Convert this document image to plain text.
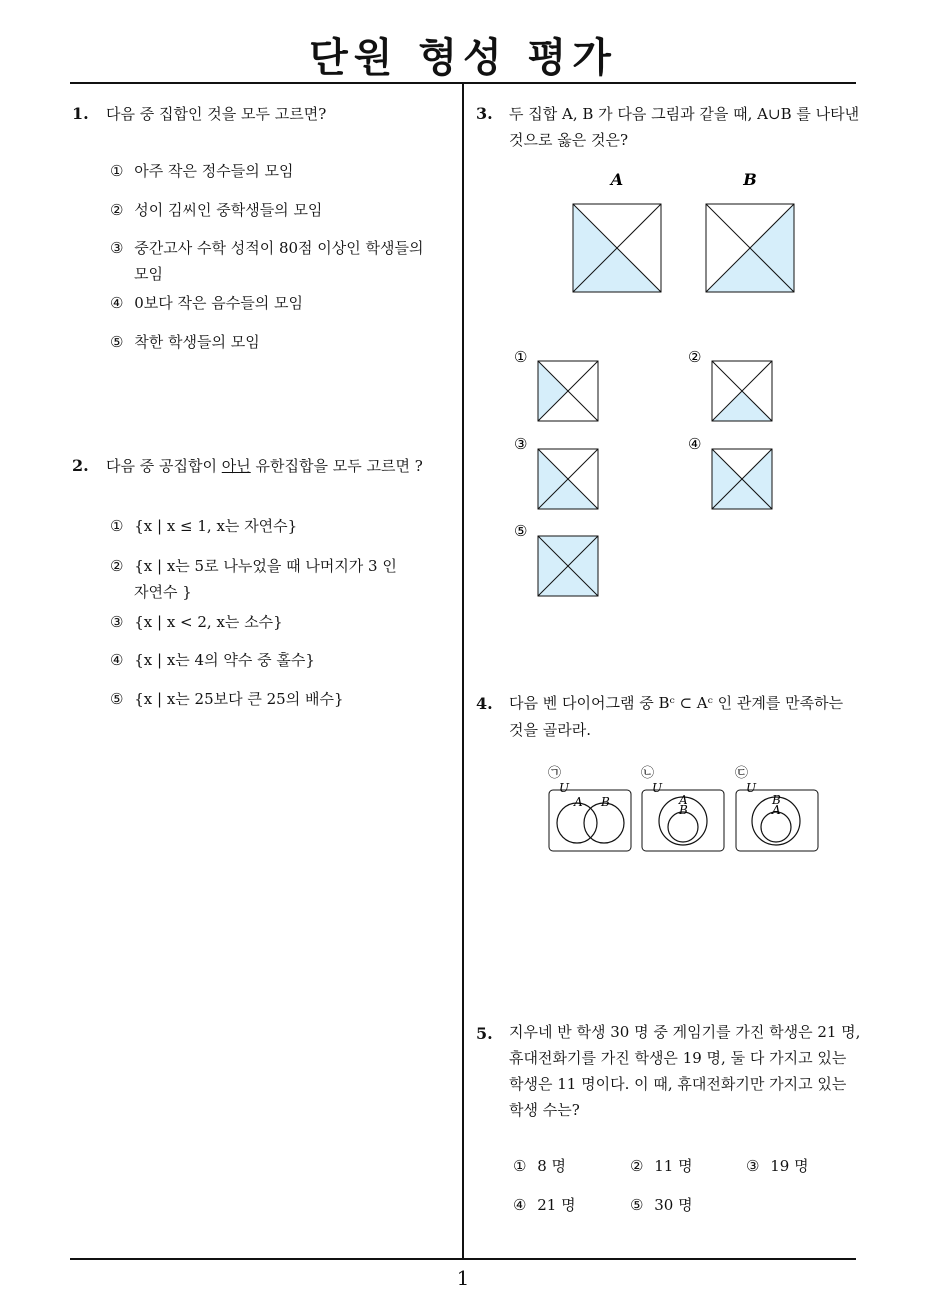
단원 형성 평가
1
1. 다음 중 집합인 것을 모두 고르면?
① 아주 작은 정수들의 모임
② 성이 김씨인 중학생들의 모임
③ 중간고사 수학 성적이 80점 이상인 학생들의
모임
④ 0보다 작은 음수들의 모임
⑤ 착한 학생들의 모임
2. 다음 중 공집합이 아닌 유한집합을 모두 고르면 ?
① {x | x ≤ 1, x는 자연수}
② {x | x는 5로 나누었을 때 나머지가 3 인
자연수 }
③ {x | x < 2, x는 소수}
④ {x | x는 4의 약수 중 홀수}
⑤ {x | x는 25보다 큰 25의 배수}
3. 두 집합 A, B 가 다음 그림과 같을 때, A∪B 를 나타낸
것으로 옳은 것은?
A	B
①	②
③	④
⑤
4. 다음 벤 다이어그램 중 Bᶜ ⊂ Aᶜ 인 관계를 만족하는
것을 골라라.
㉠
U
A B
㉡
U
A
B
㉢
U
B
A
5. 지우네 반 학생 30 명 중 게임기를 가진 학생은 21 명,
휴대전화기를 가진 학생은 19 명, 둘 다 가지고 있는
학생은 11 명이다. 이 때, 휴대전화기만 가지고 있는
학생 수는?
① 8 명	② 11 명	③ 19 명
④ 21 명	⑤ 30 명
